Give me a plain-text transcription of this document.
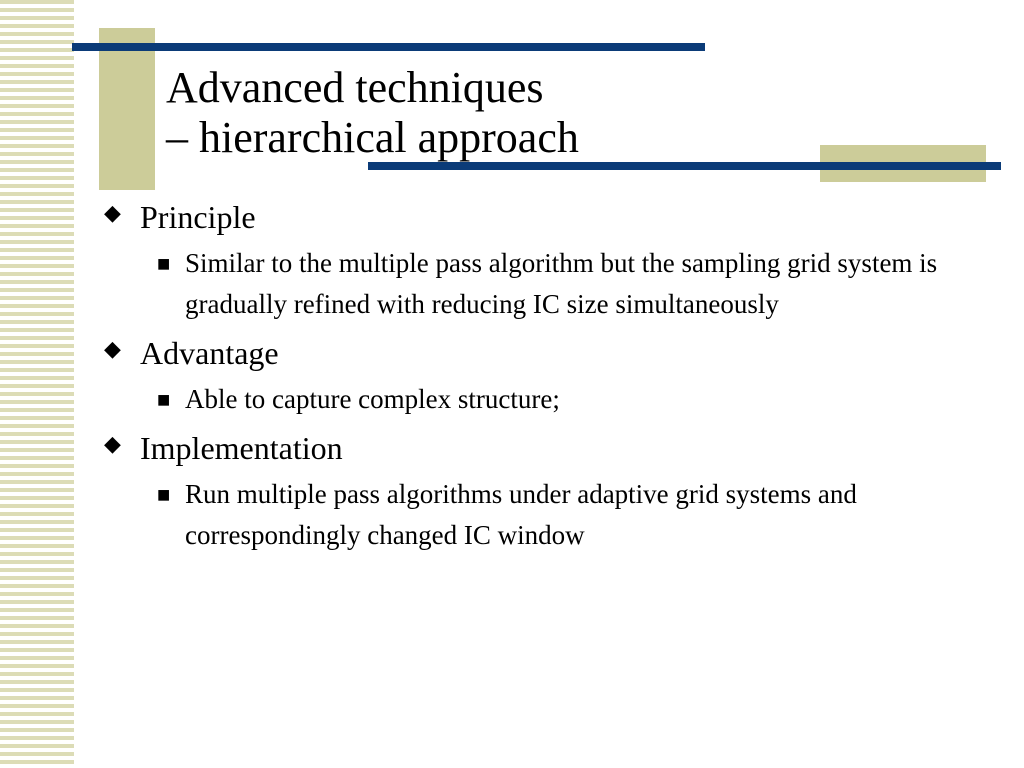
Advanced techniques
– hierarchical approach
◆ Principle
■ Similar to the multiple pass algorithm but the sampling grid system is gradually refined with reducing IC size simultaneously
◆ Advantage
■ Able to capture complex structure;
◆ Implementation
■ Run multiple pass algorithms under adaptive grid systems and correspondingly changed IC window
